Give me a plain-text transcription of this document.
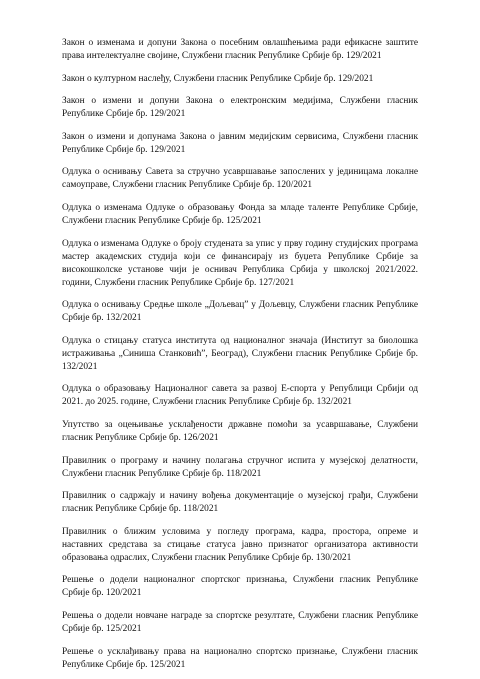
Закон о изменама и допуни Закона о посебним овлашћењима ради ефикасне заштите права интелектуалне својине, Службени гласник Републике Србије бр. 129/2021

Закон о културном наслеђу, Службени гласник Републике Србије бр. 129/2021

Закон о измени и допуни Закона о електронским медијима, Службени гласник Републике Србије бр. 129/2021

Закон о измени и допунама Закона о јавним медијским сервисима, Службени гласник Републике Србије бр. 129/2021

Одлука о оснивању Савета за стручно усавршавање запослених у јединицама локалне самоуправе, Службени гласник Републике Србије бр. 120/2021

Одлука о изменама Одлуке о образовању Фонда за младе таленте Републике Србије, Службени гласник Републике Србије бр. 125/2021

Одлука о изменама Одлуке о броју студената за упис у прву годину студијских програма мастер академских студија који се финансирају из буџета Републике Србије за високошколске установе чији је оснивач Република Србија у школској 2021/2022. години, Службени гласник Републике Србије бр. 127/2021

Одлука о оснивању Средње школе „Дољевац” у Дољевцу, Службени гласник Републике Србије бр. 132/2021

Одлука о стицању статуса института од националног значаја (Институт за биолошка истраживања „Синиша Станковић”, Београд), Службени гласник Републике Србије бр. 132/2021

Одлука о образовању Националног савета за развој Е-спорта у Републици Србији од 2021. до 2025. године, Службени гласник Републике Србије бр. 132/2021

Упутство за оцењивање усклађености државне помоћи за усавршавање, Службени гласник Републике Србије бр. 126/2021

Правилник о програму и начину полагања стручног испита у музејској делатности, Службени гласник Републике Србије бр. 118/2021

Правилник о садржају и начину вођења документације о музејској грађи, Службени гласник Републике Србије бр. 118/2021

Правилник о ближим условима у погледу програма, кадра, простора, опреме и наставних средстава за стицање статуса јавно признатог организатора активности образовања одраслих, Службени гласник Републике Србије бр. 130/2021

Решење о додели националног спортског признања, Службени гласник Републике Србије бр. 120/2021

Решења о додели новчане награде за спортске резултате, Службени гласник Републике Србије бр. 125/2021

Решење о усклађивању права на национално спортско признање, Службени гласник Републике Србије бр. 125/2021
